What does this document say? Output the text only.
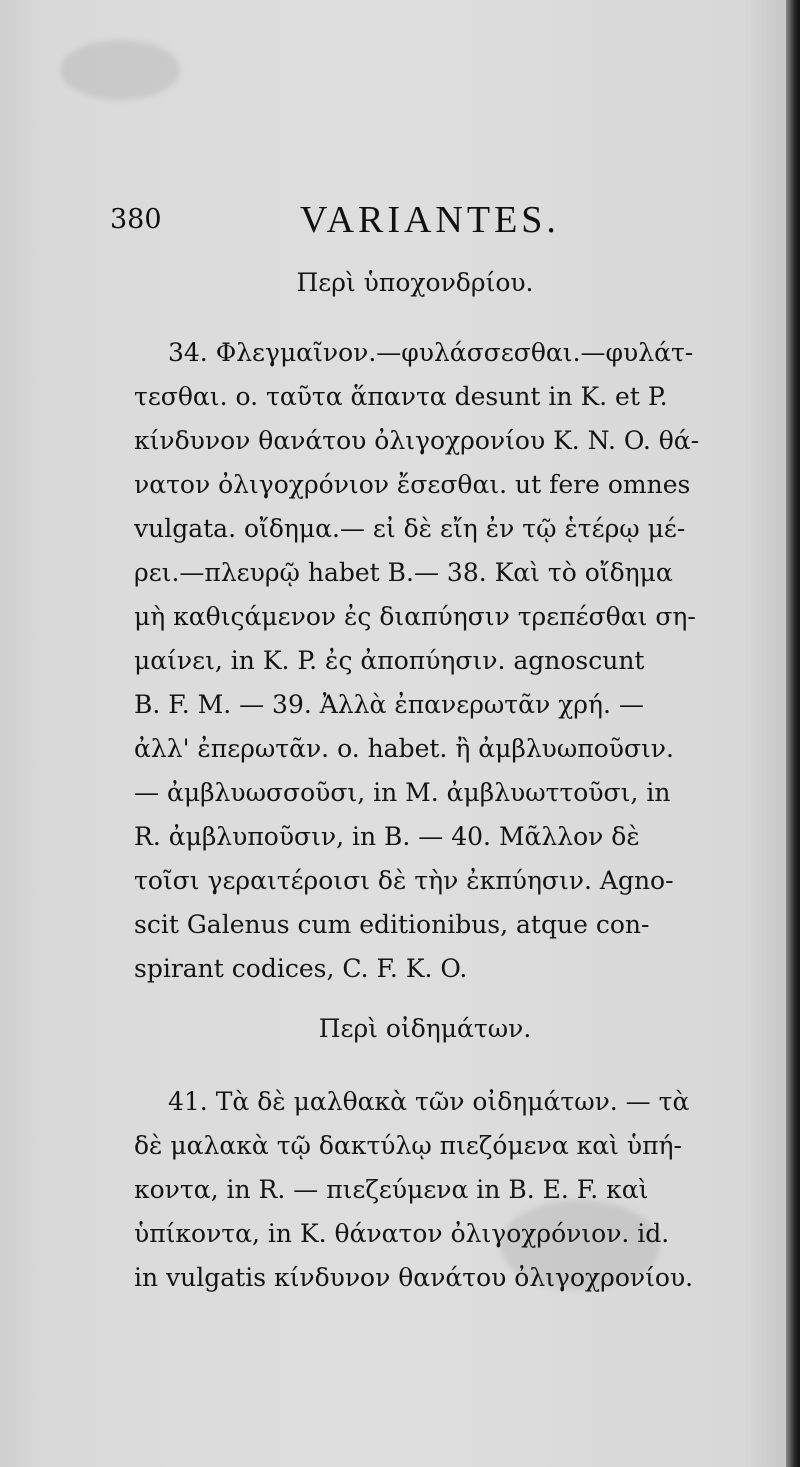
380	VARIANTES.
Περὶ ὑποχονδρίου.
34. Φλεγμαῖνον.—φυλάσσεσθαι.—φυλάτ-
τεσθαι. o. ταῦτα ἅπαντα desunt in K. et P.
κίνδυνον θανάτου ὀλιγοχρονίου K. N. O. θά-
νατον ὀλιγοχρόνιον ἔσεσθαι. ut fere omnes
vulgata. οἴδημα.— εἰ δὲ εἴη ἐν τῷ ἑτέρῳ μέ-
ρει.—πλευρῷ habet B.— 38. Καὶ τὸ οἴδημα
μὴ καθιςάμενον ἐς διαπύησιν τρεπέσθαι ση-
μαίνει, in K. P. ἐς ἀποπύησιν. agnoscunt
B. F. M. — 39. Ἀλλὰ ἐπανερωτᾶν χρή. —
ἀλλ' ἐπερωτᾶν. o. habet. ἢ ἀμβλυωποῦσιν.
— ἀμβλυωσσοῦσι, in M. ἀμβλυωττοῦσι, in
R. ἀμβλυποῦσιν, in B. — 40. Μᾶλλον δὲ
τοῖσι γεραιτέροισι δὲ τὴν ἐκπύησιν. Agno-
scit Galenus cum editionibus, atque con-
spirant codices, C. F. K. O.
Περὶ οἰδημάτων.
41. Τὰ δὲ μαλθακὰ τῶν οἰδημάτων. — τὰ
δὲ μαλακὰ τῷ δακτύλῳ πιεζόμενα καὶ ὑπή-
κοντα, in R. — πιεζεύμενα in B. E. F. καὶ
ὑπίκοντα, in K. θάνατον ὀλιγοχρόνιον. id.
in vulgatis κίνδυνον θανάτου ὀλιγοχρονίου.
